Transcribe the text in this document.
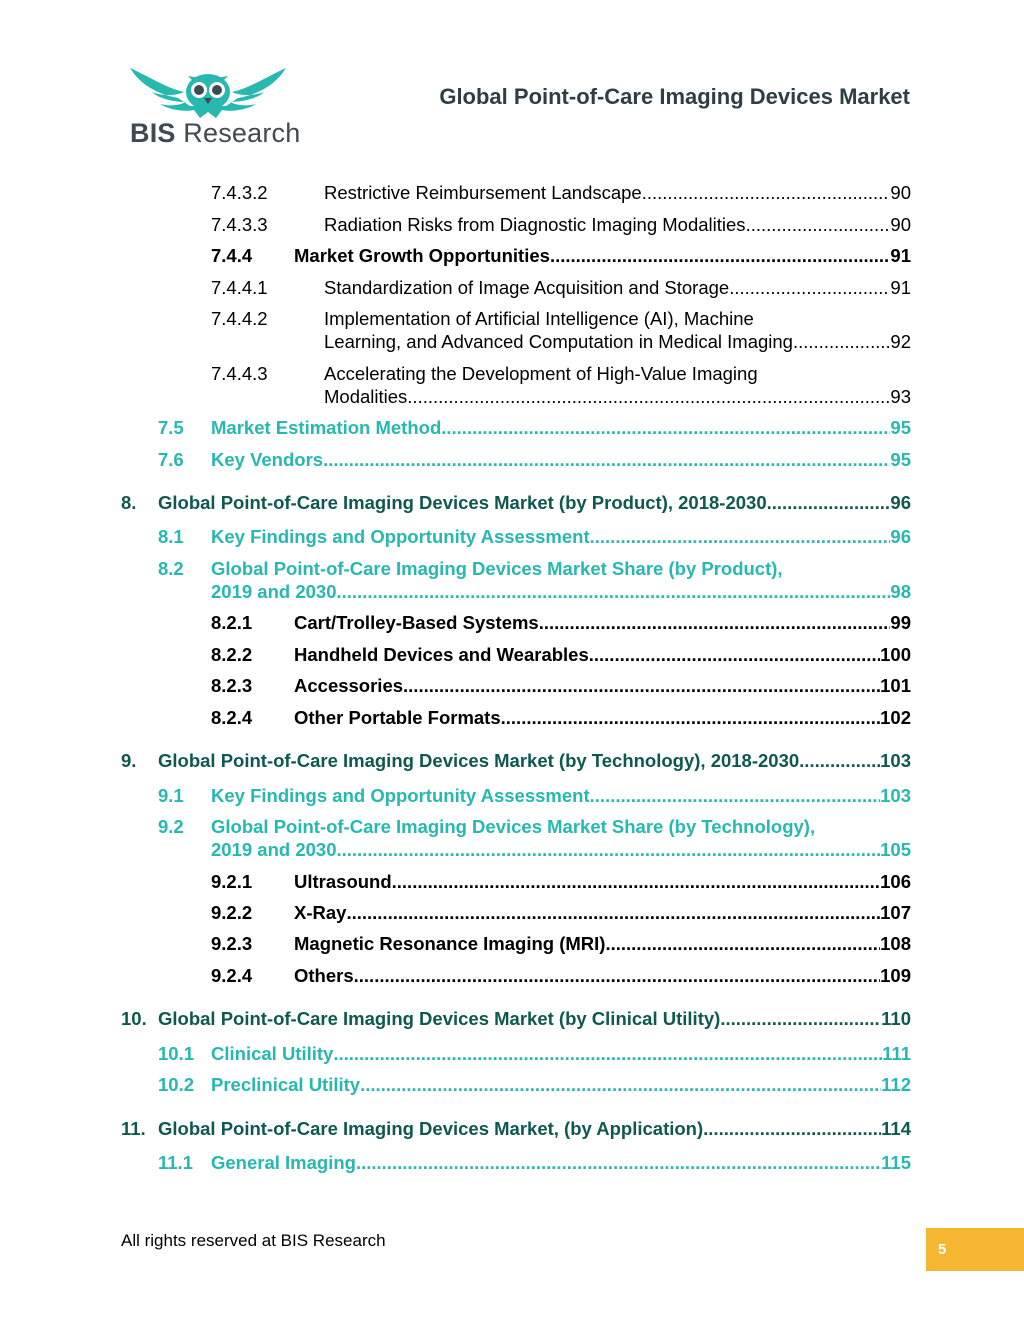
BIS Research
Global Point-of-Care Imaging Devices Market
7.4.3.2	Restrictive Reimbursement Landscape .....	90
7.4.3.3	Radiation Risks from Diagnostic Imaging Modalities .....	90
7.4.4	Market Growth Opportunities .....	91
7.4.4.1	Standardization of Image Acquisition and Storage .....	91
7.4.4.2	Implementation of Artificial Intelligence (AI), Machine
Learning, and Advanced Computation in Medical Imaging .....	92
7.4.4.3	Accelerating the Development of High-Value Imaging
Modalities .....	93
7.5	Market Estimation Method .....	95
7.6	Key Vendors .....	95
8.	Global Point-of-Care Imaging Devices Market (by Product), 2018-2030 .....	96
8.1	Key Findings and Opportunity Assessment .....	96
8.2	Global Point-of-Care Imaging Devices Market Share (by Product),
2019 and 2030 .....	98
8.2.1	Cart/Trolley-Based Systems .....	99
8.2.2	Handheld Devices and Wearables .....	100
8.2.3	Accessories .....	101
8.2.4	Other Portable Formats .....	102
9.	Global Point-of-Care Imaging Devices Market (by Technology), 2018-2030 .....	103
9.1	Key Findings and Opportunity Assessment .....	103
9.2	Global Point-of-Care Imaging Devices Market Share (by Technology),
2019 and 2030 .....	105
9.2.1	Ultrasound .....	106
9.2.2	X-Ray .....	107
9.2.3	Magnetic Resonance Imaging (MRI) .....	108
9.2.4	Others .....	109
10. Global Point-of-Care Imaging Devices Market (by Clinical Utility) .....	110
10.1 Clinical Utility .....	111
10.2 Preclinical Utility .....	112
11. Global Point-of-Care Imaging Devices Market, (by Application) .....	114
11.1 General Imaging .....	115
All rights reserved at BIS Research	5
